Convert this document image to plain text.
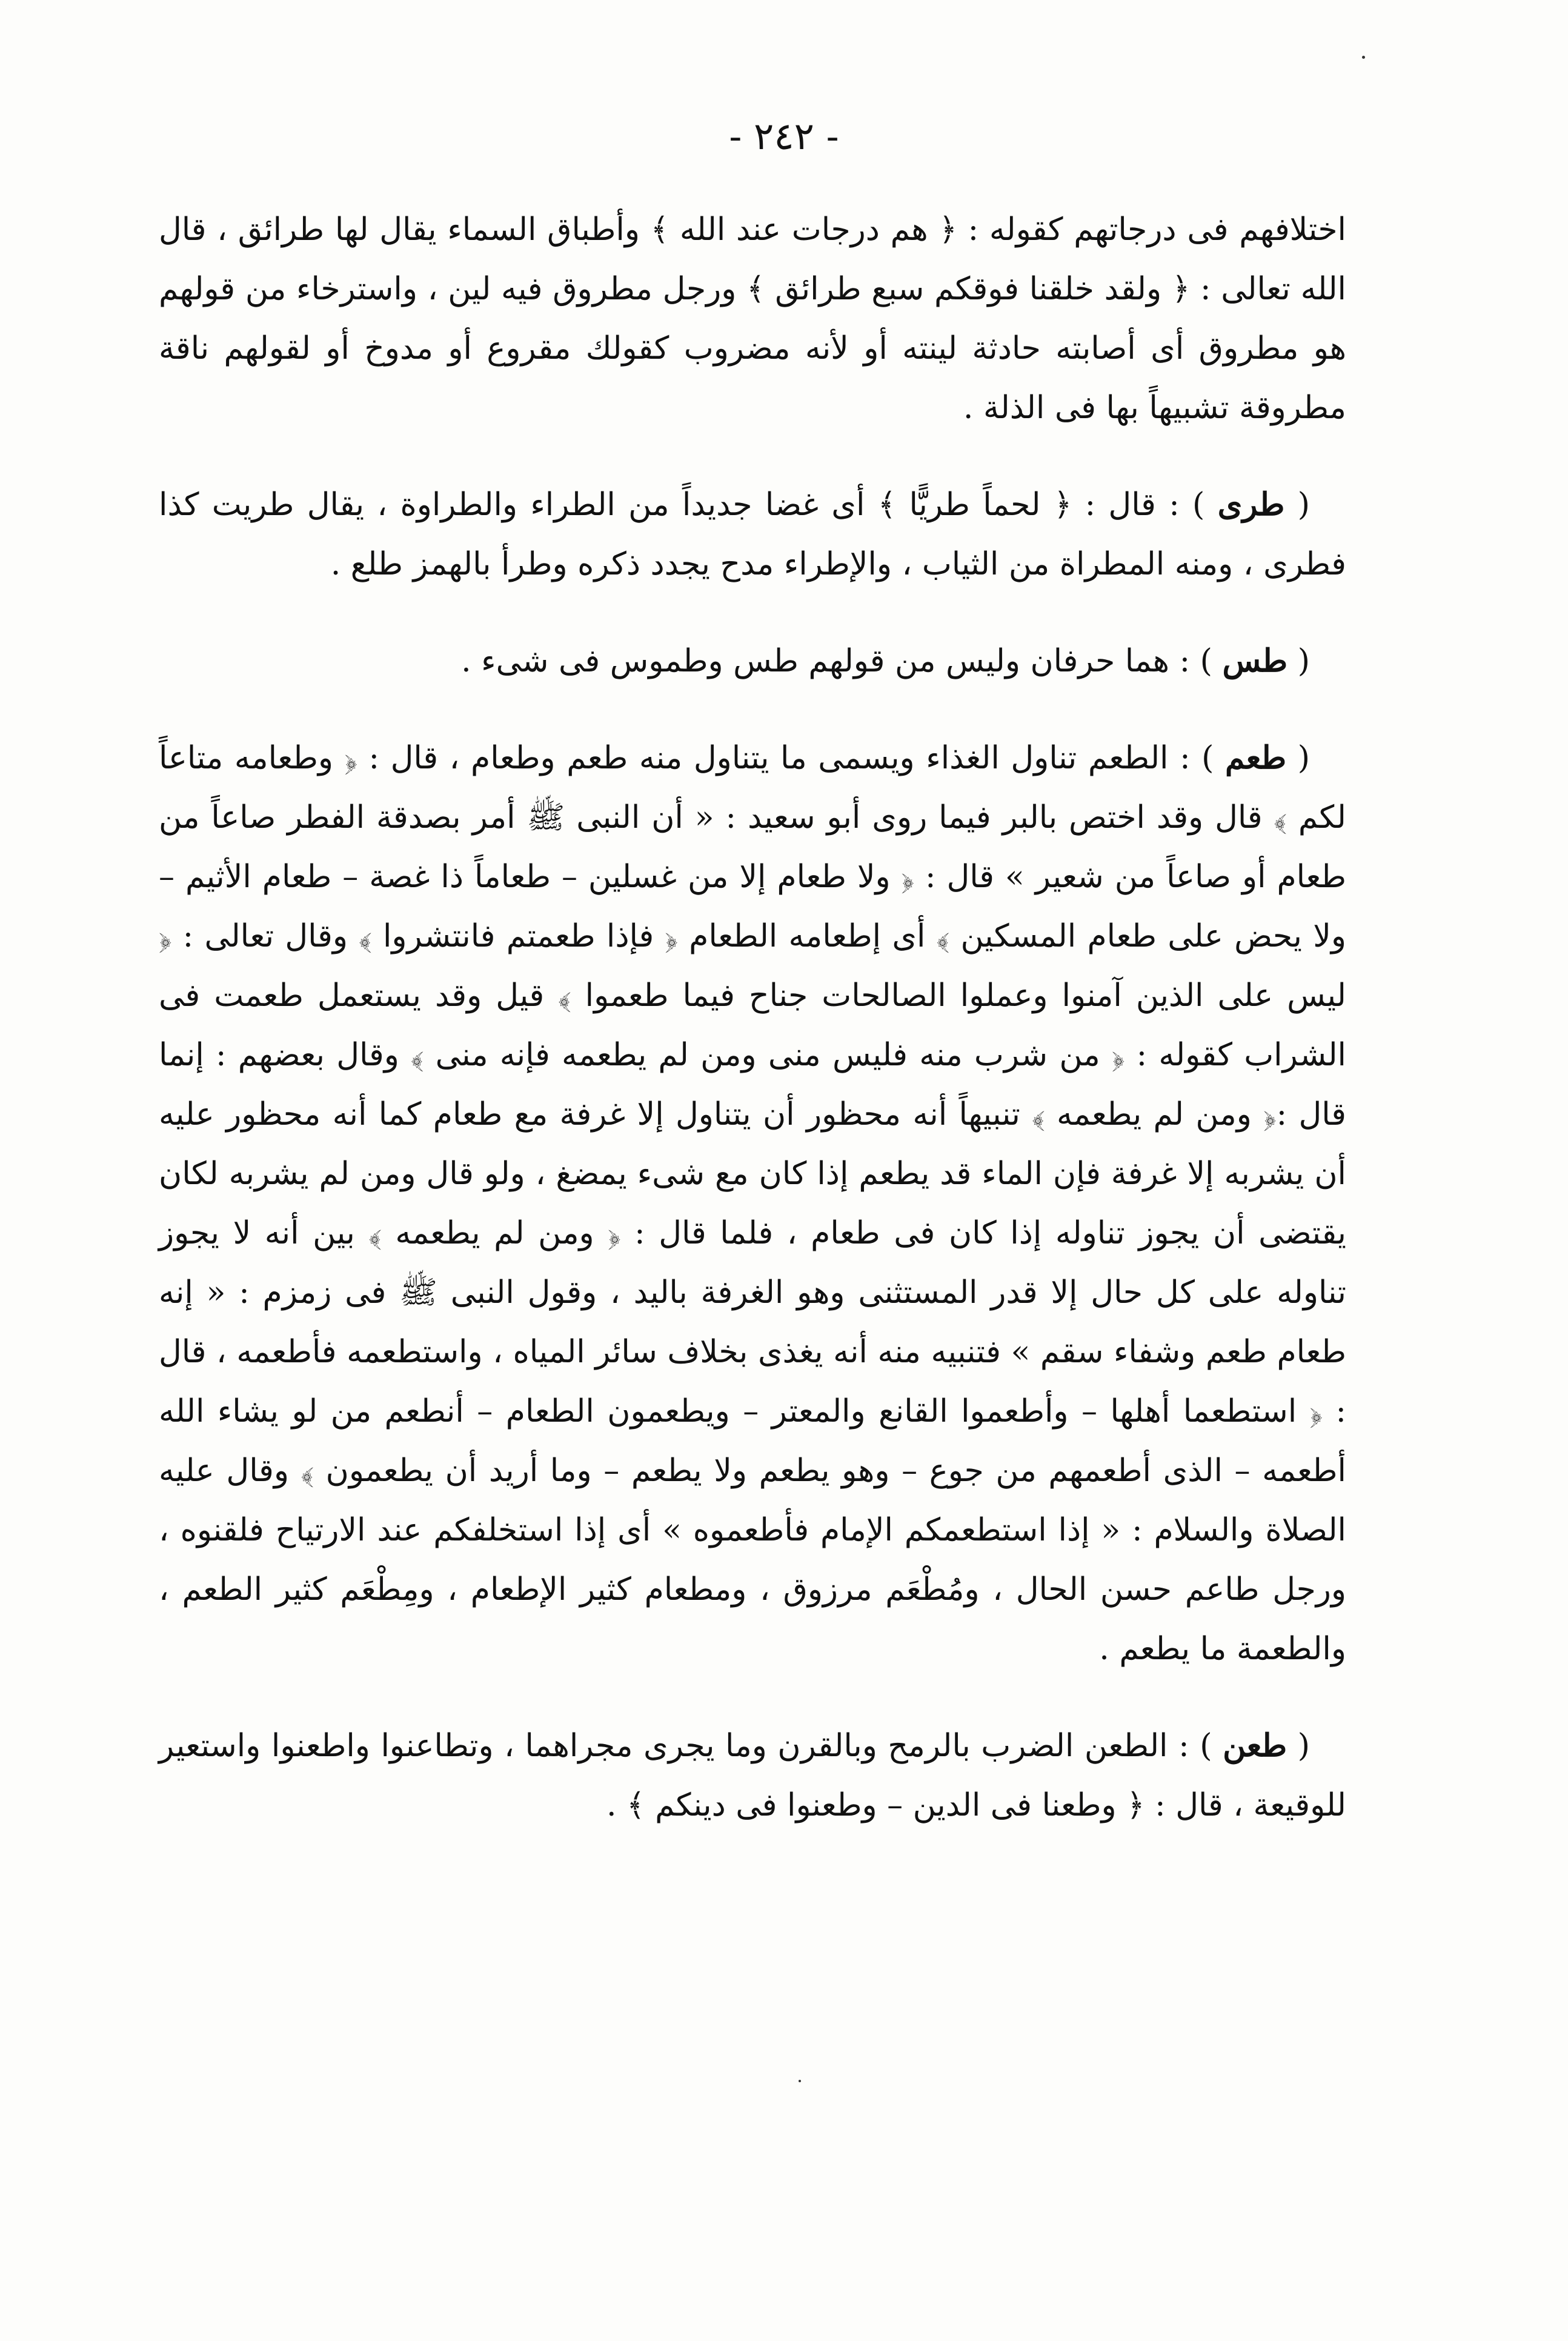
- ٢٤٢ -

اختلافهم فى درجاتهم كقوله : ﴿ هم درجات عند الله ﴾ وأطباق السماء يقال لها طرائق ، قال الله تعالى : ﴿ ولقد خلقنا فوقكم سبع طرائق ﴾ ورجل مطروق فيه لين ، واسترخاء من قولهم هو مطروق أى أصابته حادثة لينته أو لأنه مضروب كقولك مقروع أو مدوخ أو لقولهم ناقة مطروقة تشبيهاً بها فى الذلة .

( طرى ) : قال : ﴿ لحماً طريًّا ﴾ أى غضا جديداً من الطراء والطراوة ، يقال طريت كذا فطرى ، ومنه المطراة من الثياب ، والإطراء مدح يجدد ذكره وطرأ بالهمز طلع .

( طس ) : هما حرفان وليس من قولهم طس وطموس فى شىء .

( طعم ) : الطعم تناول الغذاء ويسمى ما يتناول منه طعم وطعام ، قال : ﴿ وطعامه متاعاً لكم ﴾ قال وقد اختص بالبر فيما روى أبو سعيد : « أن النبى ﷺ أمر بصدقة الفطر صاعاً من طعام أو صاعاً من شعير » قال : ﴿ ولا طعام إلا من غسلين – طعاماً ذا غصة – طعام الأثيم – ولا يحض على طعام المسكين ﴾ أى إطعامه الطعام ﴿ فإذا طعمتم فانتشروا ﴾ وقال تعالى : ﴿ ليس على الذين آمنوا وعملوا الصالحات جناح فيما طعموا ﴾ قيل وقد يستعمل طعمت فى الشراب كقوله : ﴿ من شرب منه فليس منى ومن لم يطعمه فإنه منى ﴾ وقال بعضهم : إنما قال :﴿ ومن لم يطعمه ﴾ تنبيهاً أنه محظور أن يتناول إلا غرفة مع طعام كما أنه محظور عليه أن يشربه إلا غرفة فإن الماء قد يطعم إذا كان مع شىء يمضغ ، ولو قال ومن لم يشربه لكان يقتضى أن يجوز تناوله إذا كان فى طعام ، فلما قال : ﴿ ومن لم يطعمه ﴾ بين أنه لا يجوز تناوله على كل حال إلا قدر المستثنى وهو الغرفة باليد ، وقول النبى ﷺ فى زمزم : « إنه طعام طعم وشفاء سقم » فتنبيه منه أنه يغذى بخلاف سائر المياه ، واستطعمه فأطعمه ، قال : ﴿ استطعما أهلها – وأطعموا القانع والمعتر – ويطعمون الطعام – أنطعم من لو يشاء الله أطعمه – الذى أطعمهم من جوع – وهو يطعم ولا يطعم – وما أريد أن يطعمون ﴾ وقال عليه الصلاة والسلام : « إذا استطعمكم الإمام فأطعموه » أى إذا استخلفكم عند الارتياح فلقنوه ، ورجل طاعم حسن الحال ، ومُطْعَم مرزوق ، ومطعام كثير الإطعام ، ومِطْعَم كثير الطعم ، والطعمة ما يطعم .

( طعن ) : الطعن الضرب بالرمح وبالقرن وما يجرى مجراهما ، وتطاعنوا واطعنوا واستعير للوقيعة ، قال : ﴿ وطعنا فى الدين – وطعنوا فى دينكم ﴾ .
